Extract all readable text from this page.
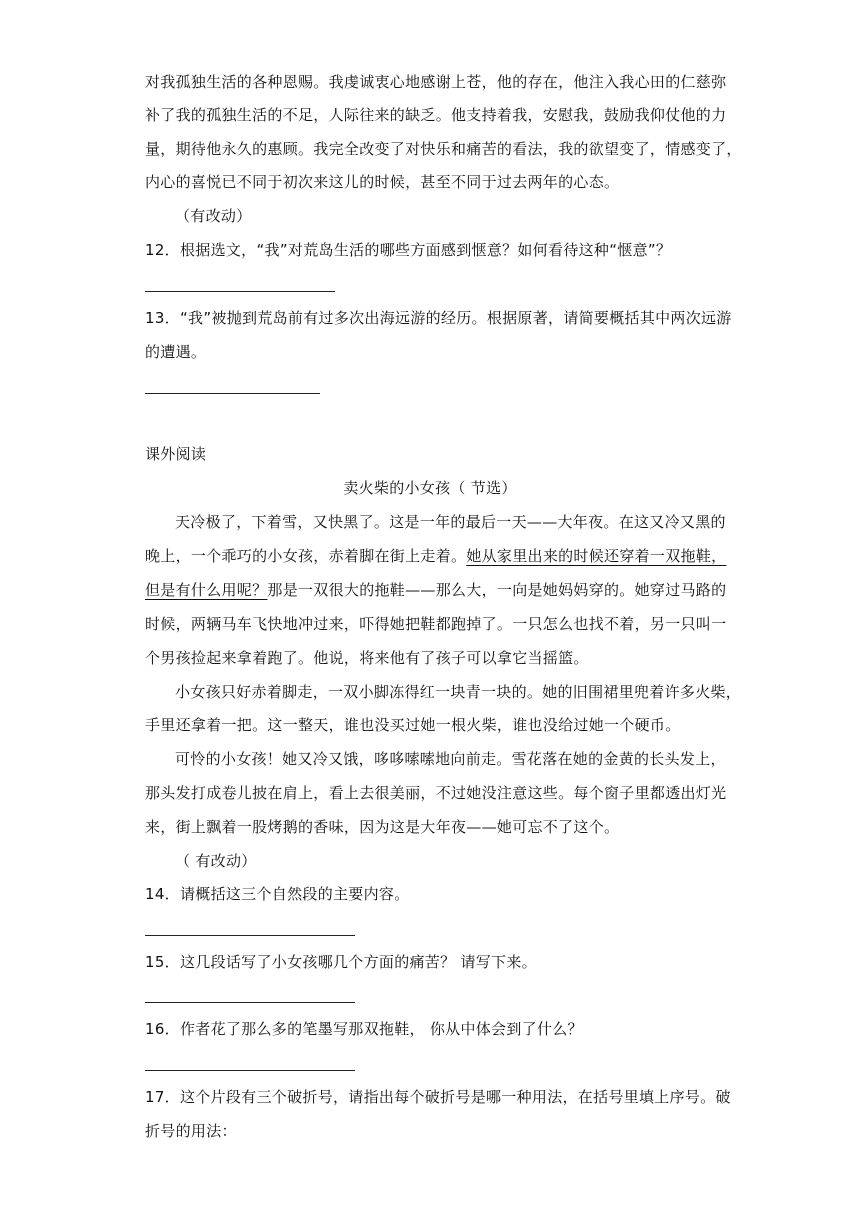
对我孤独生活的各种恩赐。我虔诚衷心地感谢上苍，他的存在，他注入我心田的仁慈弥
补了我的孤独生活的不足，人际往来的缺乏。他支持着我，安慰我，鼓励我仰仗他的力
量，期待他永久的惠顾。我完全改变了对快乐和痛苦的看法，我的欲望变了，情感变了，
内心的喜悦已不同于初次来这儿的时候，甚至不同于过去两年的心态。
（有改动）
12．根据选文，“我”对荒岛生活的哪些方面感到惬意？如何看待这种“惬意”？
13．“我”被抛到荒岛前有过多次出海远游的经历。根据原著，请简要概括其中两次远游
的遭遇。
课外阅读
卖火柴的小女孩（ 节选）
天冷极了，下着雪，又快黑了。这是一年的最后一天——大年夜。在这又冷又黑的
晚上，一个乖巧的小女孩，赤着脚在街上走着。她从家里出来的时候还穿着一双拖鞋，
但是有什么用呢？那是一双很大的拖鞋——那么大，一向是她妈妈穿的。她穿过马路的
时候，两辆马车飞快地冲过来，吓得她把鞋都跑掉了。一只怎么也找不着，另一只叫一
个男孩捡起来拿着跑了。他说，将来他有了孩子可以拿它当摇篮。
小女孩只好赤着脚走，一双小脚冻得红一块青一块的。她的旧围裙里兜着许多火柴，
手里还拿着一把。这一整天，谁也没买过她一根火柴，谁也没给过她一个硬币。
可怜的小女孩！她又冷又饿，哆哆嗦嗦地向前走。雪花落在她的金黄的长头发上，
那头发打成卷儿披在肩上，看上去很美丽，不过她没注意这些。每个窗子里都透出灯光
来，街上飘着一股烤鹅的香味，因为这是大年夜——她可忘不了这个。
（ 有改动）
14．请概括这三个自然段的主要内容。
15．这几段话写了小女孩哪几个方面的痛苦？ 请写下来。
16．作者花了那么多的笔墨写那双拖鞋， 你从中体会到了什么？
17．这个片段有三个破折号，请指出每个破折号是哪一种用法，在括号里填上序号。破
折号的用法：
